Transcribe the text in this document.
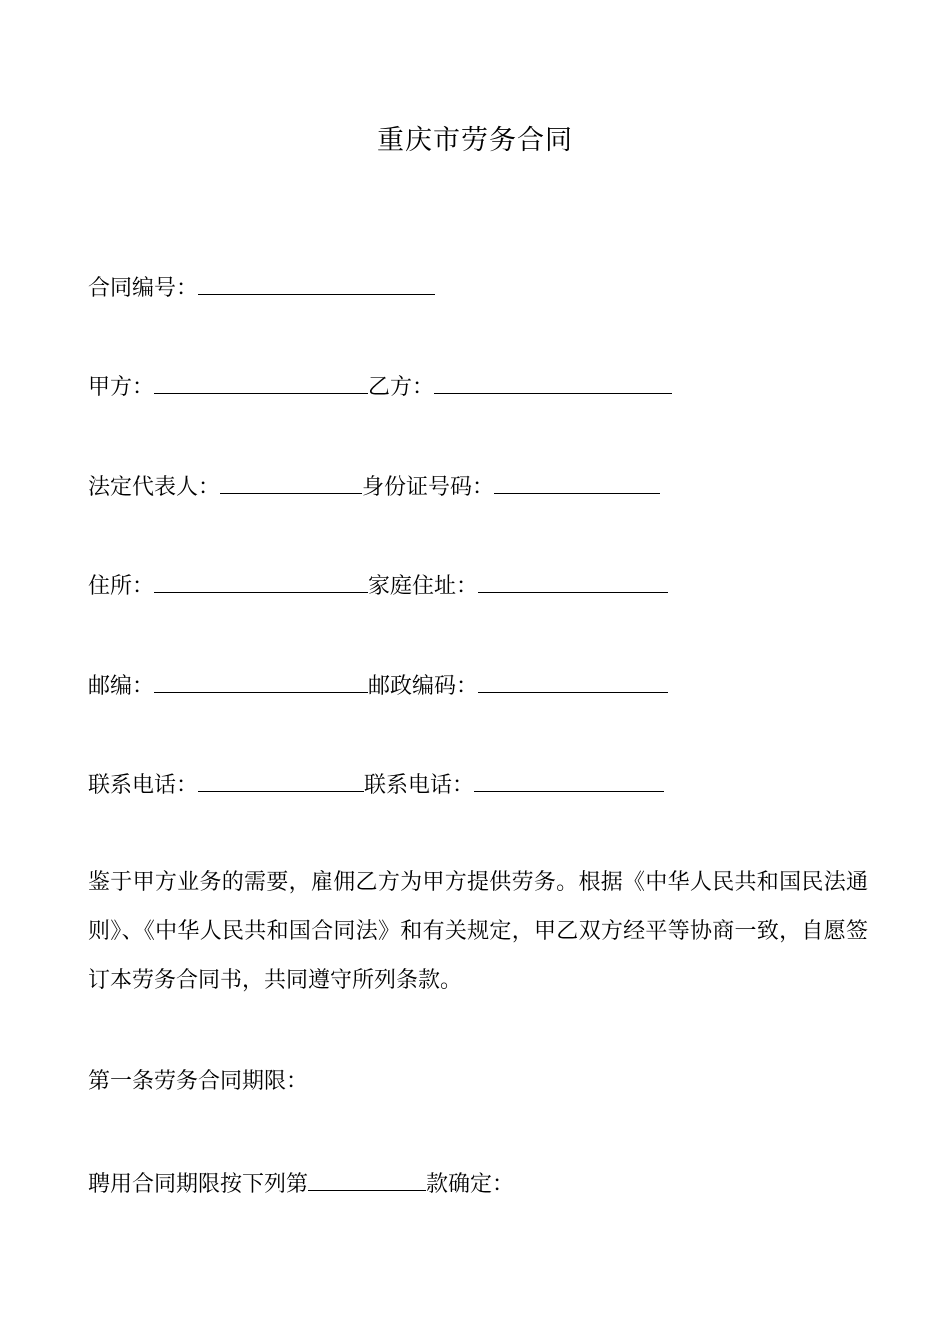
重庆市劳务合同
合同编号：
甲方：	乙方：
法定代表人：	身份证号码：
住所：	家庭住址：
邮编：	邮政编码：
联系电话：	联系电话：
鉴于甲方业务的需要，雇佣乙方为甲方提供劳务。根据《中华人民共和国民法通则》、《中华人民共和国合同法》和有关规定，甲乙双方经平等协商一致，自愿签订本劳务合同书，共同遵守所列条款。
第一条劳务合同期限：
聘用合同期限按下列第	款确定：
